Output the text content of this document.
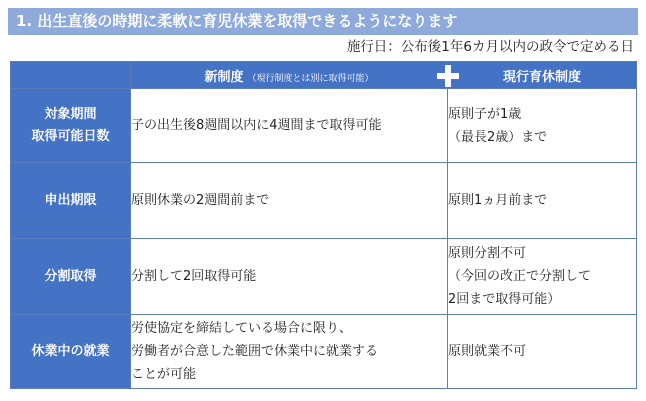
1. 出生直後の時期に柔軟に育児休業を取得できるようになります
施行日：公布後1年6カ月以内の政令で定める日
	新制度 （現行制度とは別に取得可能）	現行育休制度

対象期間
取得可能日数	子の出生後8週間以内に4週間まで取得可能	原則子が1歳
（最長2歳）まで

申出期限	原則休業の2週間前まで	原則1ヵ月前まで

分割取得	分割して2回取得可能	原則分割不可
（今回の改正で分割して
2回まで取得可能）

休業中の就業	労使協定を締結している場合に限り、
労働者が合意した範囲で休業中に就業する
ことが可能	原則就業不可
